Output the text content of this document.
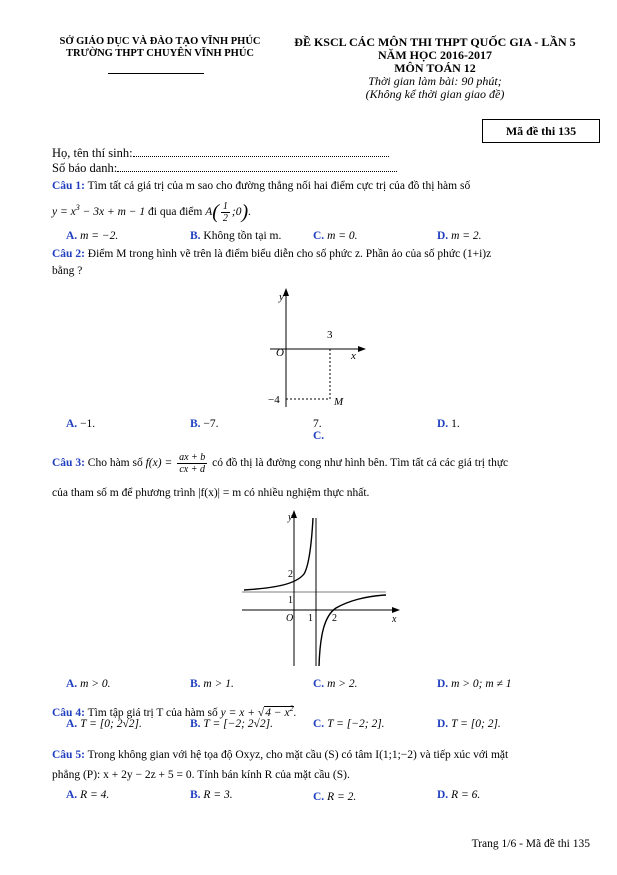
SỞ GIÁO DỤC VÀ ĐÀO TẠO VĨNH PHÚC
TRƯỜNG THPT CHUYÊN VĨNH PHÚC
ĐỀ KSCL CÁC MÔN THI THPT QUỐC GIA - LẦN 5
NĂM HỌC 2016-2017
MÔN TOÁN 12
Thời gian làm bài: 90 phút;
(Không kể thời gian giao đề)
Mã đề thi 135
Họ, tên thí sinh:
Số báo danh:
Câu 1: Tìm tất cả giá trị của m sao cho đường thẳng nối hai điểm cực trị của đồ thị hàm số
$y = x^3 - 3x + m - 1$ đi qua điểm $A( \frac{1}{2}$ ;0).
A. m = −2.	B. Không tồn tại m.	C. m = 0.	D. m = 2.
Câu 2: Điểm M trong hình vẽ trên là điểm biểu diễn cho số phức z. Phần ảo của số phức (1+i)z
bằng ?
y
x
O
3
−4	M
A. −1.	B. −7.	7.
C.
D. 1.
Câu 3: Cho hàm số $f(x) = \frac{ax + b}{cx + d}$ có đồ thị là đường cong như hình bên. Tìm tất cả các giá trị thực
của tham số m để phương trình |f(x)| = m có nhiều nghiệm thực nhất.
y
x
O 1 2
1
2
A. m > 0.	B. m > 1.	C. m > 2.	D. m > 0; m ≠ 1
Câu 4: Tìm tập giá trị T của hàm số $y = x + √4 - x^2$.
A. T = [0; 2√2].	B. T = [−2; 2√2].	C. T = [−2; 2].	D. T = [0; 2].
Câu 5: Trong không gian với hệ tọa độ Oxyz, cho mặt cầu (S) có tâm I(1;1;−2) và tiếp xúc với mặt
phẳng (P): x + 2y − 2z + 5 = 0. Tính bán kính R của mặt cầu (S).
A. R = 4.	B. R = 3.	C. R = 2.	D. R = 6.
Trang 1/6 - Mã đề thi 135
